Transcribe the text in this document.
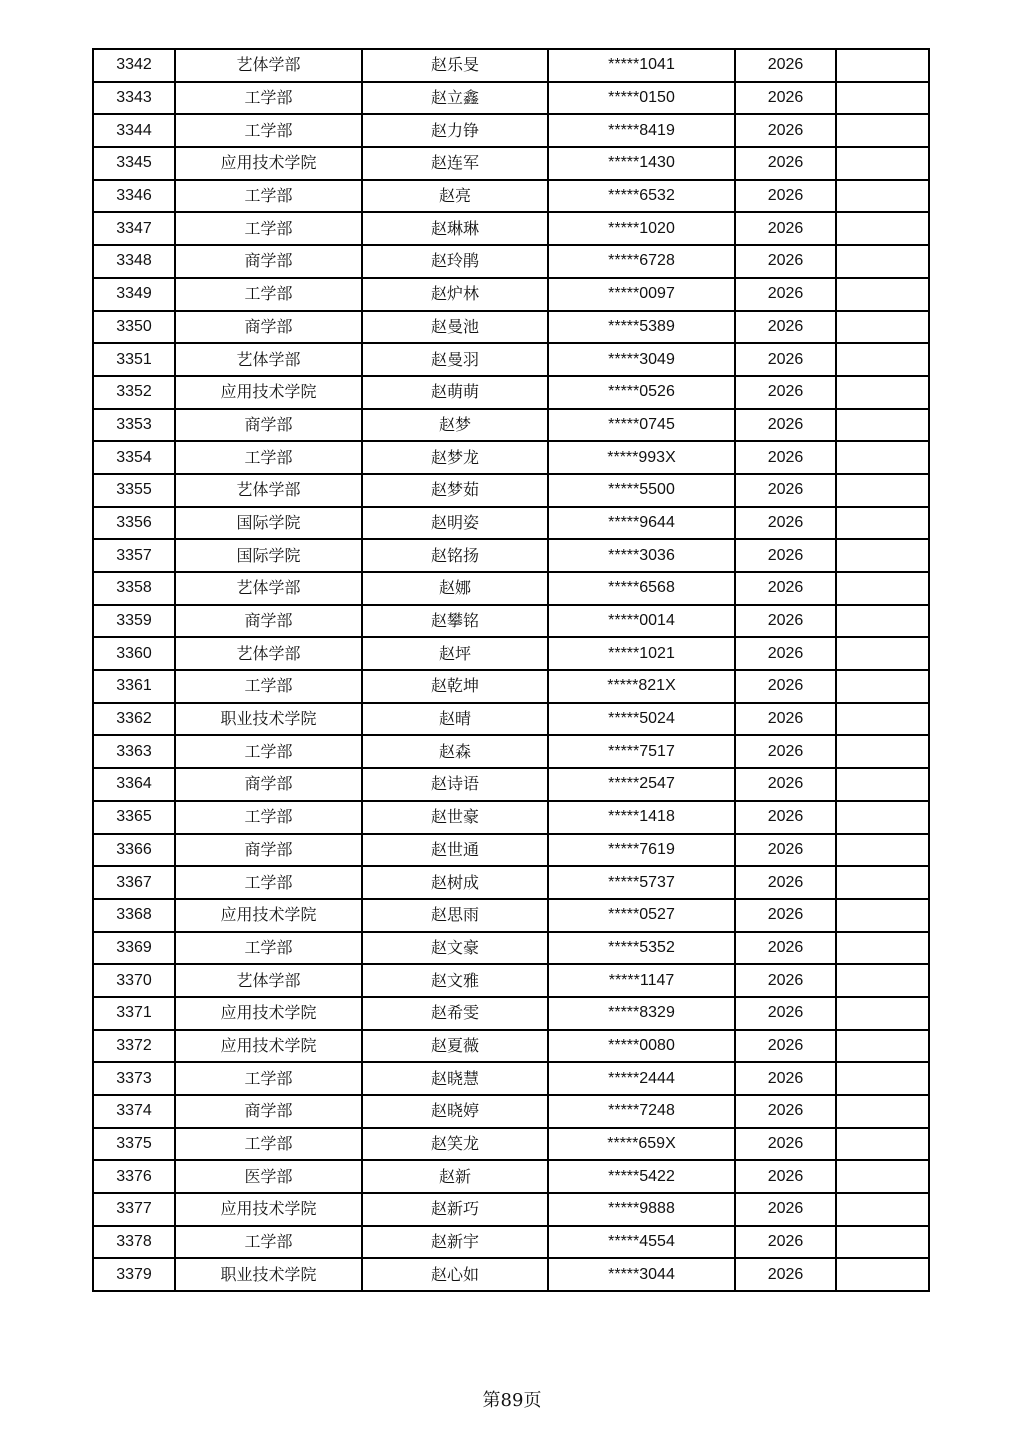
3342	艺体学部	赵乐旻	*****1041	2026	
3343	工学部	赵立鑫	*****0150	2026	
3344	工学部	赵力铮	*****8419	2026	
3345	应用技术学院	赵连军	*****1430	2026	
3346	工学部	赵亮	*****6532	2026	
3347	工学部	赵琳琳	*****1020	2026	
3348	商学部	赵玲鹃	*****6728	2026	
3349	工学部	赵炉林	*****0097	2026	
3350	商学部	赵曼池	*****5389	2026	
3351	艺体学部	赵曼羽	*****3049	2026	
3352	应用技术学院	赵萌萌	*****0526	2026	
3353	商学部	赵梦	*****0745	2026	
3354	工学部	赵梦龙	*****993X	2026	
3355	艺体学部	赵梦茹	*****5500	2026	
3356	国际学院	赵明姿	*****9644	2026	
3357	国际学院	赵铭扬	*****3036	2026	
3358	艺体学部	赵娜	*****6568	2026	
3359	商学部	赵攀铭	*****0014	2026	
3360	艺体学部	赵坪	*****1021	2026	
3361	工学部	赵乾坤	*****821X	2026	
3362	职业技术学院	赵晴	*****5024	2026	
3363	工学部	赵森	*****7517	2026	
3364	商学部	赵诗语	*****2547	2026	
3365	工学部	赵世豪	*****1418	2026	
3366	商学部	赵世通	*****7619	2026	
3367	工学部	赵树成	*****5737	2026	
3368	应用技术学院	赵思雨	*****0527	2026	
3369	工学部	赵文豪	*****5352	2026	
3370	艺体学部	赵文雅	*****1147	2026	
3371	应用技术学院	赵希雯	*****8329	2026	
3372	应用技术学院	赵夏薇	*****0080	2026	
3373	工学部	赵晓慧	*****2444	2026	
3374	商学部	赵晓婷	*****7248	2026	
3375	工学部	赵笑龙	*****659X	2026	
3376	医学部	赵新	*****5422	2026	
3377	应用技术学院	赵新巧	*****9888	2026	
3378	工学部	赵新宇	*****4554	2026	
3379	职业技术学院	赵心如	*****3044	2026	
第89页
